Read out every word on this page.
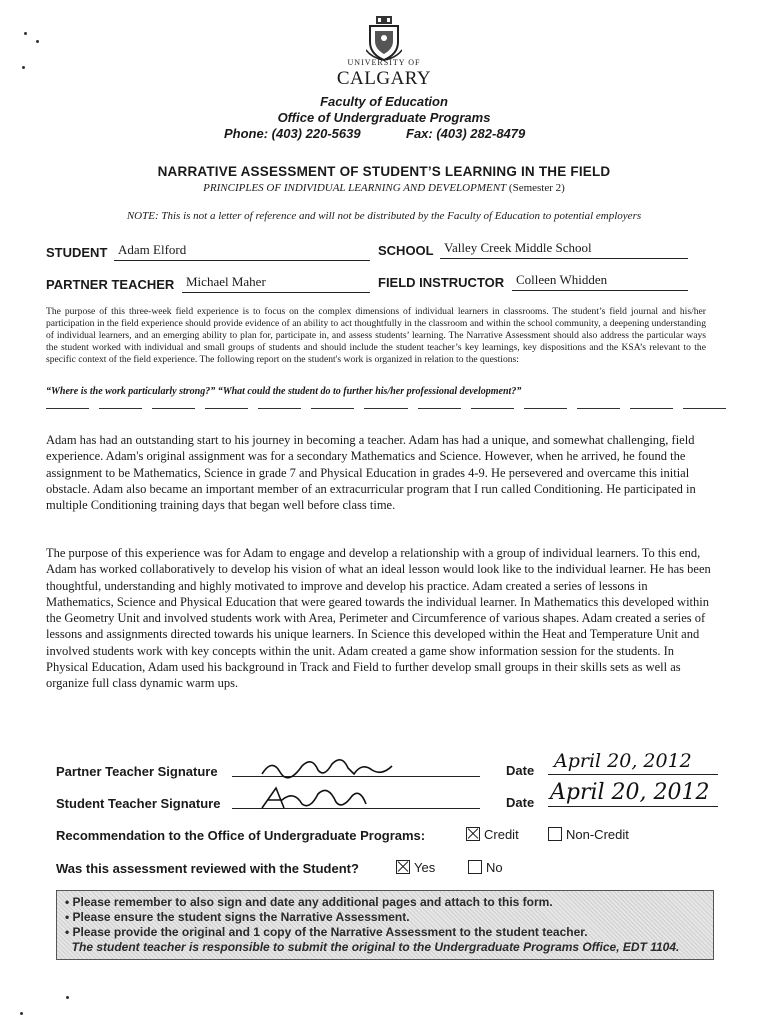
UNIVERSITY OF
CALGARY
Faculty of Education
Office of Undergraduate Programs
Phone: (403) 220-5639	Fax: (403) 282-8479
NARRATIVE ASSESSMENT OF STUDENT’S LEARNING IN THE FIELD
PRINCIPLES OF INDIVIDUAL LEARNING AND DEVELOPMENT (Semester 2)
NOTE: This is not a letter of reference and will not be distributed by the Faculty of Education to potential employers
STUDENT Adam Elford	SCHOOL Valley Creek Middle School
PARTNER TEACHER Michael Maher	FIELD INSTRUCTOR Colleen Whidden
The purpose of this three-week field experience is to focus on the complex dimensions of individual learners in classrooms. The student’s field journal and his/her participation in the field experience should provide evidence of an ability to act thoughtfully in the classroom and within the school community, a deepening understanding of individual learners, and an emerging ability to plan for, participate in, and assess students’ learning. The Narrative Assessment should also address the particular ways the student worked with individual and small groups of students and should include the student teacher’s key learnings, key dispositions and the KSA’s relevant to the specific context of the field experience. The following report on the student's work is organized in relation to the questions:
“Where is the work particularly strong?” “What could the student do to further his/her professional development?”
Adam has had an outstanding start to his journey in becoming a teacher. Adam has had a unique, and somewhat challenging, field experience. Adam's original assignment was for a secondary Mathematics and Science. However, when he arrived, he found the assignment to be Mathematics, Science in grade 7 and Physical Education in grades 4-9. He persevered and overcame this initial obstacle. Adam also became an important member of an extracurricular program that I run called Conditioning. He participated in multiple Conditioning training days that began well before class time.
The purpose of this experience was for Adam to engage and develop a relationship with a group of individual learners. To this end, Adam has worked collaboratively to develop his vision of what an ideal lesson would look like to the individual learner. He has been thoughtful, understanding and highly motivated to improve and develop his practice. Adam created a series of lessons in Mathematics, Science and Physical Education that were geared towards the individual learner. In Mathematics this developed within the Geometry Unit and involved students work with Area, Perimeter and Circumference of various shapes. Adam created a series of lessons and assignments directed towards his unique learners. In Science this developed within the Heat and Temperature Unit and involved students work with key concepts within the unit. Adam created a game show information session for the students. In Physical Education, Adam used his background in Track and Field to further develop small groups in their skills sets as well as organize full class dynamic warm ups.
Partner Teacher Signature	Date April 20, 2012
Student Teacher Signature	Date April 20, 2012
Recommendation to the Office of Undergraduate Programs:	Credit	Non-Credit
Was this assessment reviewed with the Student?	Yes	No
• Please remember to also sign and date any additional pages and attach to this form.
• Please ensure the student signs the Narrative Assessment.
• Please provide the original and 1 copy of the Narrative Assessment to the student teacher.
The student teacher is responsible to submit the original to the Undergraduate Programs Office, EDT 1104.
